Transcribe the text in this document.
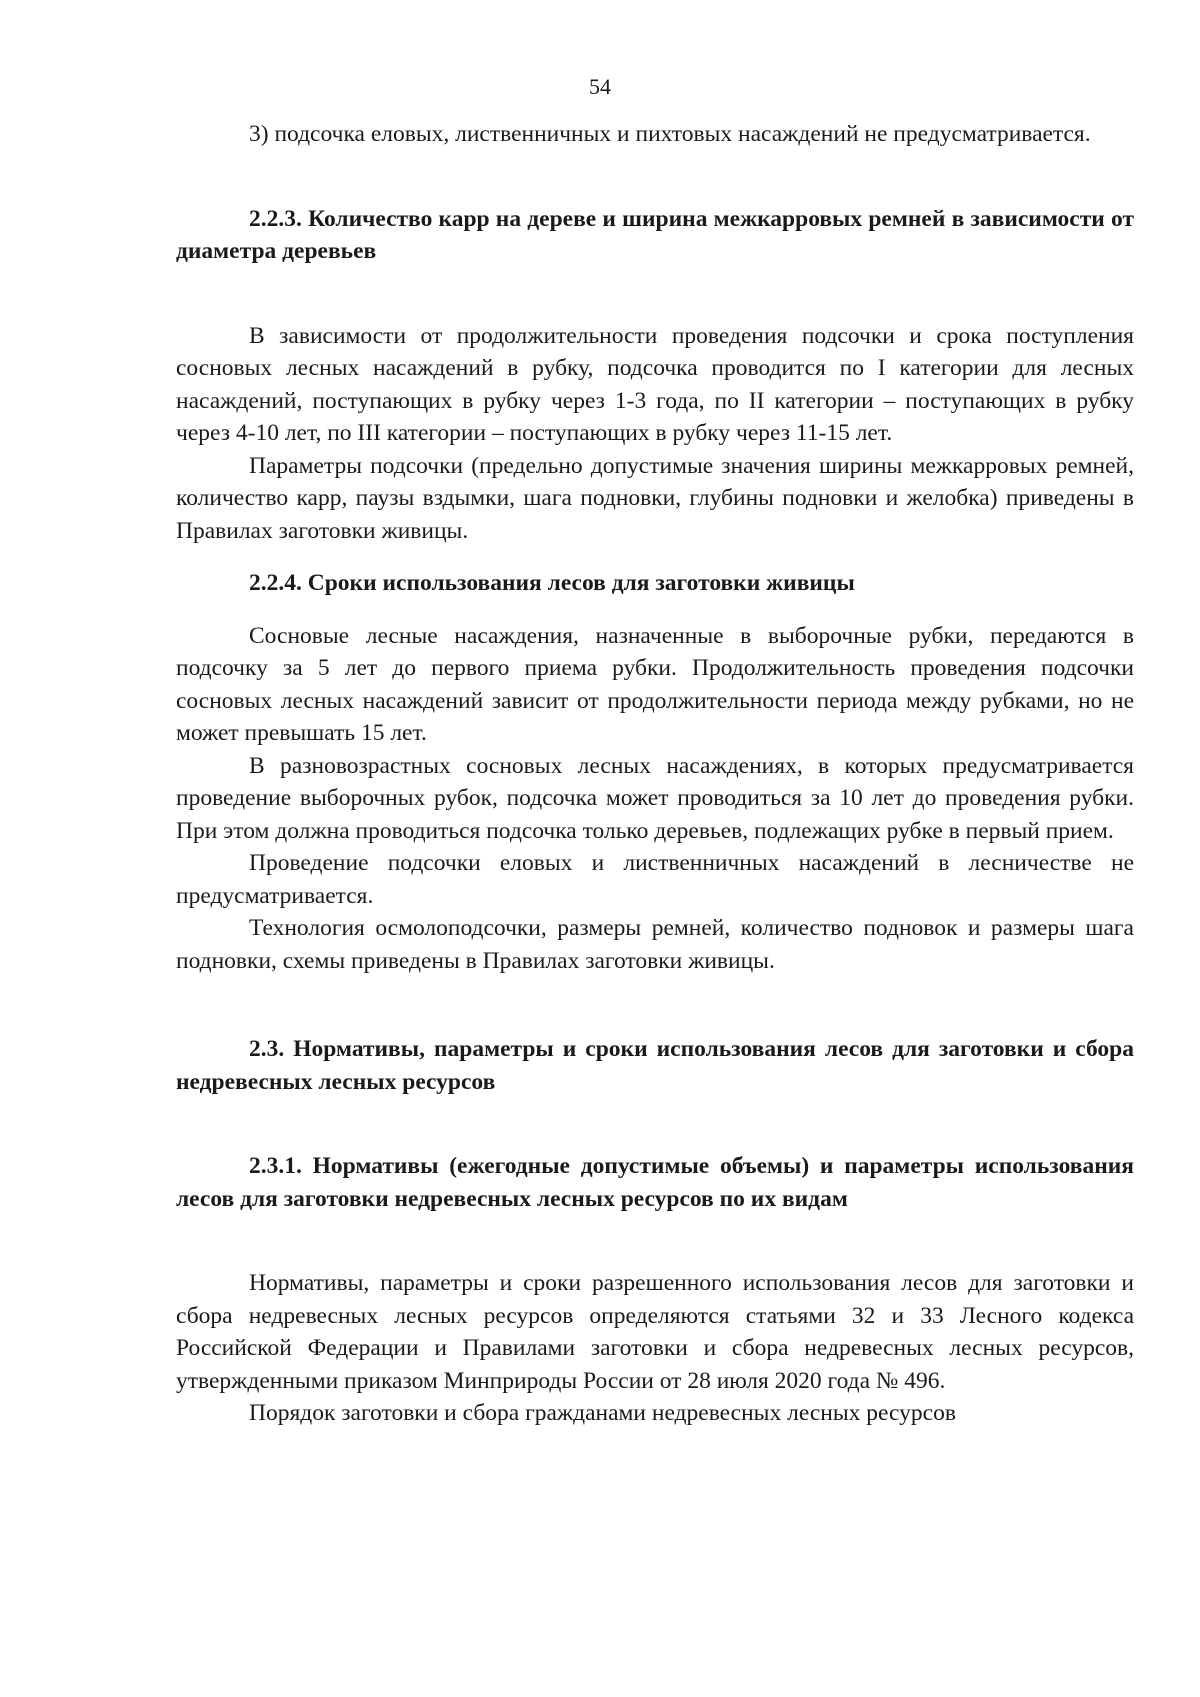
54

3) подсочка еловых, лиственничных и пихтовых насаждений не предусматривается.

2.2.3. Количество карр на дереве и ширина межкарровых ремней в зависимости от диаметра деревьев

В зависимости от продолжительности проведения подсочки и срока поступления сосновых лесных насаждений в рубку, подсочка проводится по I категории для лесных насаждений, поступающих в рубку через 1-3 года, по II категории – поступающих в рубку через 4-10 лет, по III категории – поступающих в рубку через 11-15 лет.

Параметры подсочки (предельно допустимые значения ширины межкарровых ремней, количество карр, паузы вздымки, шага подновки, глубины подновки и желобка) приведены в Правилах заготовки живицы.

2.2.4. Сроки использования лесов для заготовки живицы

Сосновые лесные насаждения, назначенные в выборочные рубки, передаются в подсочку за 5 лет до первого приема рубки. Продолжительность проведения подсочки сосновых лесных насаждений зависит от продолжительности периода между рубками, но не может превышать 15 лет.

В разновозрастных сосновых лесных насаждениях, в которых предусматривается проведение выборочных рубок, подсочка может проводиться за 10 лет до проведения рубки. При этом должна проводиться подсочка только деревьев, подлежащих рубке в первый прием.

Проведение подсочки еловых и лиственничных насаждений в лесничестве не предусматривается.

Технология осмолоподсочки, размеры ремней, количество подновок и размеры шага подновки, схемы приведены в Правилах заготовки живицы.

2.3. Нормативы, параметры и сроки использования лесов для заготовки и сбора недревесных лесных ресурсов
2.3.1. Нормативы (ежегодные допустимые объемы) и параметры использования лесов для заготовки недревесных лесных ресурсов по их видам

Нормативы, параметры и сроки разрешенного использования лесов для заготовки и сбора недревесных лесных ресурсов определяются статьями 32 и 33 Лесного кодекса Российской Федерации и Правилами заготовки и сбора недревесных лесных ресурсов, утвержденными приказом Минприроды России от 28 июля 2020 года № 496.

Порядок заготовки и сбора гражданами недревесных лесных ресурсов
